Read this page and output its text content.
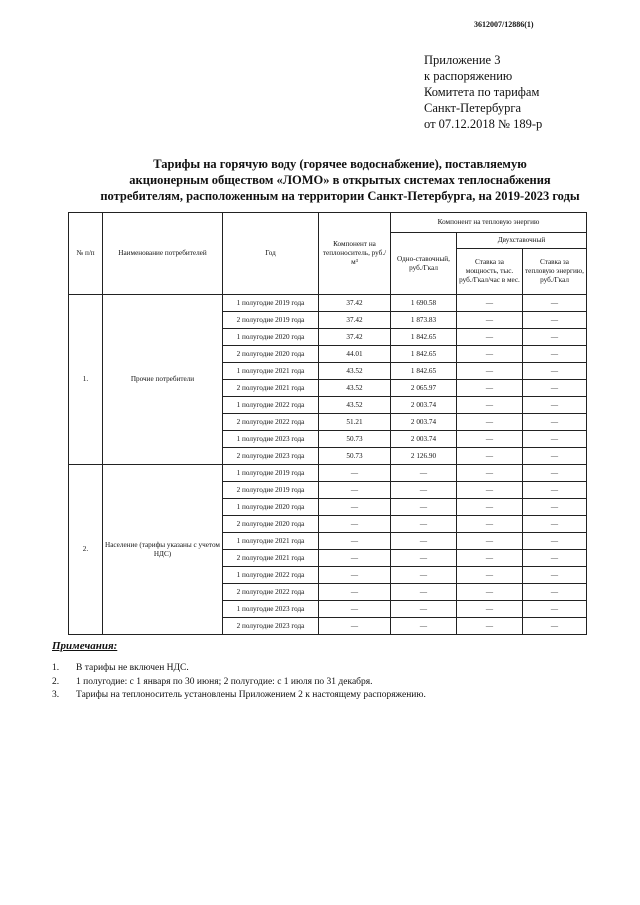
3612007/12886(1)
Приложение 3
к распоряжению
Комитета по тарифам
Санкт-Петербурга
от 07.12.2018 № 189-р
Тарифы на горячую воду (горячее водоснабжение), поставляемую
акционерным обществом «ЛОМО» в открытых системах теплоснабжения
потребителям, расположенным на территории Санкт-Петербурга, на 2019-2023 годы
№ п/п	Наименование потребителей	Год	Компонент на теплоноситель, руб./м³	Компонент на тепловую энергию		
				Одно-ставочный, руб./Гкал	Двухставочный	
					Ставка за мощность, тыс. руб./Гкал/час в мес.	Ставка за тепловую энергию, руб./Гкал
1.	Прочие потребители	1 полугодие 2019 года	37.42	1 690.58	—	—
		2 полугодие 2019 года	37.42	1 873.83	—	—
		1 полугодие 2020 года	37.42	1 842.65	—	—
		2 полугодие 2020 года	44.01	1 842.65	—	—
		1 полугодие 2021 года	43.52	1 842.65	—	—
		2 полугодие 2021 года	43.52	2 065.97	—	—
		1 полугодие 2022 года	43.52	2 003.74	—	—
		2 полугодие 2022 года	51.21	2 003.74	—	—
		1 полугодие 2023 года	50.73	2 003.74	—	—
		2 полугодие 2023 года	50.73	2 126.90	—	—
2.	Население (тарифы указаны с учетом НДС)	1 полугодие 2019 года	—	—	—	—
		2 полугодие 2019 года	—	—	—	—
		1 полугодие 2020 года	—	—	—	—
		2 полугодие 2020 года	—	—	—	—
		1 полугодие 2021 года	—	—	—	—
		2 полугодие 2021 года	—	—	—	—
		1 полугодие 2022 года	—	—	—	—
		2 полугодие 2022 года	—	—	—	—
		1 полугодие 2023 года	—	—	—	—
		2 полугодие 2023 года	—	—	—	—
Примечания:
1.	В тарифы не включен НДС.
2.	1 полугодие: с 1 января по 30 июня; 2 полугодие: с 1 июля по 31 декабря.
3.	Тарифы на теплоноситель установлены Приложением 2 к настоящему распоряжению.
